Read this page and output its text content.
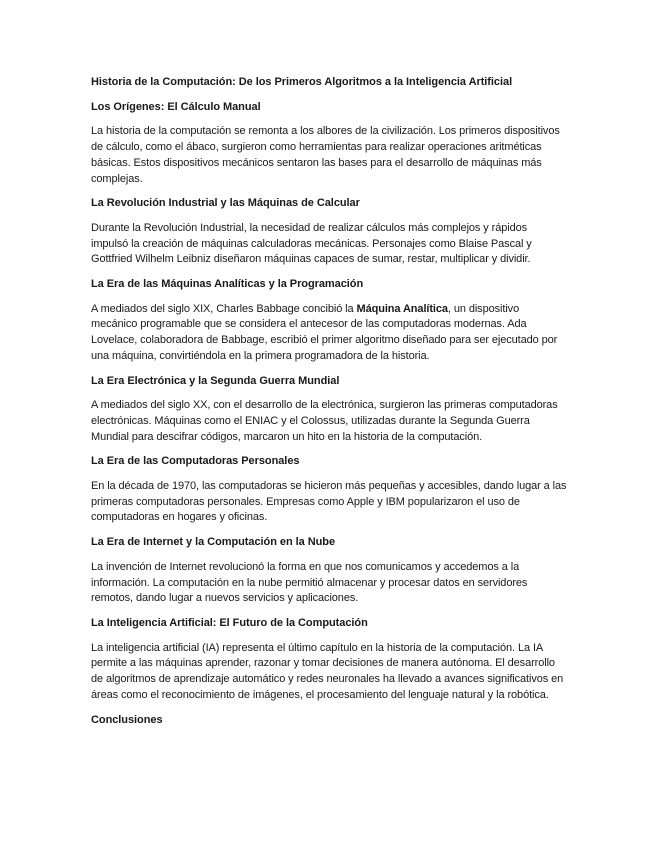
Historia de la Computación: De los Primeros Algoritmos a la Inteligencia Artificial

Los Orígenes: El Cálculo Manual

La historia de la computación se remonta a los albores de la civilización. Los primeros dispositivos de cálculo, como el ábaco, surgieron como herramientas para realizar operaciones aritméticas básicas. Estos dispositivos mecánicos sentaron las bases para el desarrollo de máquinas más complejas.

La Revolución Industrial y las Máquinas de Calcular

Durante la Revolución Industrial, la necesidad de realizar cálculos más complejos y rápidos impulsó la creación de máquinas calculadoras mecánicas. Personajes como Blaise Pascal y Gottfried Wilhelm Leibniz diseñaron máquinas capaces de sumar, restar, multiplicar y dividir.

La Era de las Máquinas Analíticas y la Programación

A mediados del siglo XIX, Charles Babbage concibió la Máquina Analítica, un dispositivo mecánico programable que se considera el antecesor de las computadoras modernas. Ada Lovelace, colaboradora de Babbage, escribió el primer algoritmo diseñado para ser ejecutado por una máquina, convirtiéndola en la primera programadora de la historia.

La Era Electrónica y la Segunda Guerra Mundial

A mediados del siglo XX, con el desarrollo de la electrónica, surgieron las primeras computadoras electrónicas. Máquinas como el ENIAC y el Colossus, utilizadas durante la Segunda Guerra Mundial para descifrar códigos, marcaron un hito en la historia de la computación.

La Era de las Computadoras Personales

En la década de 1970, las computadoras se hicieron más pequeñas y accesibles, dando lugar a las primeras computadoras personales. Empresas como Apple y IBM popularizaron el uso de computadoras en hogares y oficinas.

La Era de Internet y la Computación en la Nube

La invención de Internet revolucionó la forma en que nos comunicamos y accedemos a la información. La computación en la nube permitió almacenar y procesar datos en servidores remotos, dando lugar a nuevos servicios y aplicaciones.

La Inteligencia Artificial: El Futuro de la Computación

La inteligencia artificial (IA) representa el último capítulo en la historia de la computación. La IA permite a las máquinas aprender, razonar y tomar decisiones de manera autónoma. El desarrollo de algoritmos de aprendizaje automático y redes neuronales ha llevado a avances significativos en áreas como el reconocimiento de imágenes, el procesamiento del lenguaje natural y la robótica.

Conclusiones
